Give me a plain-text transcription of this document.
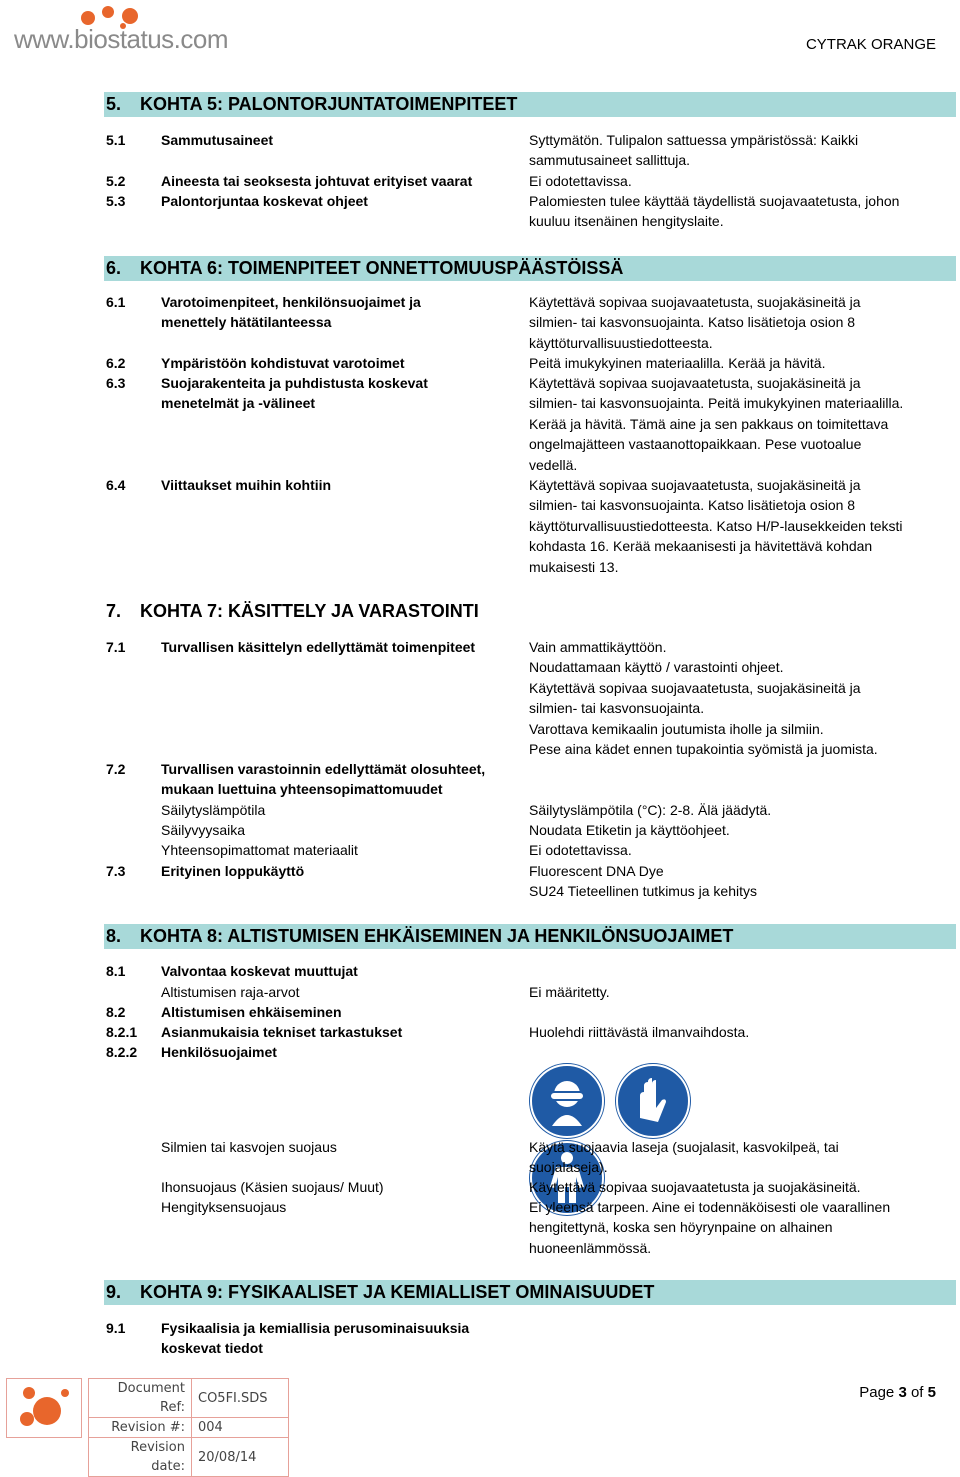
www.biostatus.com	CYTRAK ORANGE
5. KOHTA 5: PALONTORJUNTATOIMENPITEET
5.1	Sammutusaineet	Syttymätön. Tulipalon sattuessa ympäristössä: Kaikki
sammutusaineet sallittuja.
5.2	Aineesta tai seoksesta johtuvat erityiset vaarat	Ei odotettavissa.
5.3	Palontorjuntaa koskevat ohjeet	Palomiesten tulee käyttää täydellistä suojavaatetusta, johon
kuuluu itsenäinen hengityslaite.
6. KOHTA 6: TOIMENPITEET ONNETTOMUUSPÄÄSTÖISSÄ
6.1	Varotoimenpiteet, henkilönsuojaimet ja
menettely hätätilanteessa
Käytettävä sopivaa suojavaatetusta, suojakäsineitä ja
silmien- tai kasvonsuojainta. Katso lisätietoja osion 8
käyttöturvallisuustiedotteesta.
6.2	Ympäristöön kohdistuvat varotoimet	Peitä imukykyinen materiaalilla. Kerää ja hävitä.
6.3	Suojarakenteita ja puhdistusta koskevat
menetelmät ja -välineet
Käytettävä sopivaa suojavaatetusta, suojakäsineitä ja
silmien- tai kasvonsuojainta. Peitä imukykyinen materiaalilla.
Kerää ja hävitä. Tämä aine ja sen pakkaus on toimitettava
ongelmajätteen vastaanottopaikkaan. Pese vuotoalue
vedellä.
6.4	Viittaukset muihin kohtiin	Käytettävä sopivaa suojavaatetusta, suojakäsineitä ja
silmien- tai kasvonsuojainta. Katso lisätietoja osion 8
käyttöturvallisuustiedotteesta. Katso H/P-lausekkeiden teksti
kohdasta 16. Kerää mekaanisesti ja hävitettävä kohdan
mukaisesti 13.
7. KOHTA 7: KÄSITTELY JA VARASTOINTI
7.1	Turvallisen käsittelyn edellyttämät toimenpiteet	Vain ammattikäyttöön.
Noudattamaan käyttö / varastointi ohjeet.
Käytettävä sopivaa suojavaatetusta, suojakäsineitä ja
silmien- tai kasvonsuojainta.
Varottava kemikaalin joutumista iholle ja silmiin.
Pese aina kädet ennen tupakointia syömistä ja juomista.
7.2	Turvallisen varastoinnin edellyttämät olosuhteet,
mukaan luettuina yhteensopimattomuudet
Säilytyslämpötila	Säilytyslämpötila (°C): 2-8. Älä jäädytä.
Säilyvyysaika	Noudata Etiketin ja käyttöohjeet.
Yhteensopimattomat materiaalit	Ei odotettavissa.
7.3	Erityinen loppukäyttö	Fluorescent DNA Dye
SU24 Tieteellinen tutkimus ja kehitys
8. KOHTA 8: ALTISTUMISEN EHKÄISEMINEN JA HENKILÖNSUOJAIMET
8.1	Valvontaa koskevat muuttujat
Altistumisen raja-arvot	Ei määritetty.
8.2	Altistumisen ehkäiseminen
8.2.1	Asianmukaisia tekniset tarkastukset	Huolehdi riittävästä ilmanvaihdosta.
8.2.2	Henkilösuojaimet
Silmien tai kasvojen suojaus	Käytä suojaavia laseja (suojalasit, kasvokilpeä, tai
suojalaseja).
Ihonsuojaus (Käsien suojaus/ Muut)	Käytettävä sopivaa suojavaatetusta ja suojakäsineitä.
Hengityksensuojaus	Ei yleensä tarpeen. Aine ei todennäköisesti ole vaarallinen
hengitettynä, koska sen höyrynpaine on alhainen
huoneenlämmössä.
9. KOHTA 9: FYSIKAALISET JA KEMIALLISET OMINAISUUDET
9.1	Fysikaalisia ja kemiallisia perusominaisuuksia
koskevat tiedot
Document Ref:	CO5FI.SDS
Revision #:	004
Revision date:	20/08/14
Page 3 of 5
